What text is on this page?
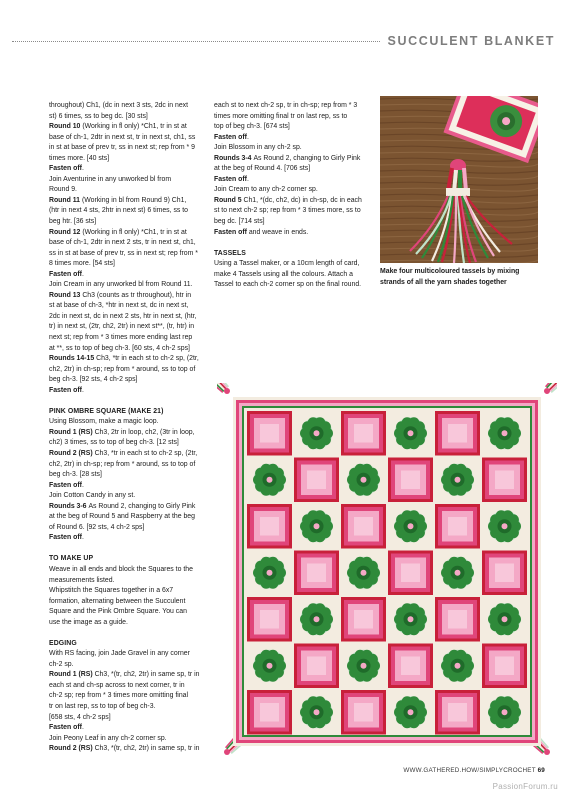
SUCCULENT BLANKET

throughout) Ch1, (dc in next 3 sts, 2dc in next

st) 6 times, ss to beg dc. [30 sts]

Round 10 (Working in fl only) *Ch1, tr in st at

base of ch-1, 2dtr in next st, tr in next st, ch1, ss

in st at base of prev tr, ss in next st; rep from * 9

times more. [40 sts]

Fasten off.

Join Aventurine in any unworked bl from

Round 9.

Round 11 (Working in bl from Round 9) Ch1,

(htr in next 4 sts, 2htr in next st) 6 times, ss to

beg htr. [36 sts]

Round 12 (Working in fl only) *Ch1, tr in st at

base of ch-1, 2dtr in next 2 sts, tr in next st, ch1,

ss in st at base of prev tr, ss in next st; rep from *

8 times more. [54 sts]

Fasten off.

Join Cream in any unworked bl from Round 11.

Round 13 Ch3 (counts as tr throughout), htr in

st at base of ch-3, *htr in next st, dc in next st,

2dc in next st, dc in next 2 sts, htr in next st, (htr,

tr) in next st, (2tr, ch2, 2tr) in next st**, (tr, htr) in

next st; rep from * 3 times more ending last rep

at **, ss to top of beg ch-3. [60 sts, 4 ch-2 sps]

Rounds 14-15 Ch3, *tr in each st to ch-2 sp, (2tr,

ch2, 2tr) in ch-sp; rep from * around, ss to top of

beg ch-3. [92 sts, 4 ch-2 sps]

Fasten off.

PINK OMBRE SQUARE (MAKE 21)

Using Blossom, make a magic loop.

Round 1 (RS) Ch3, 2tr in loop, ch2, (3tr in loop,

ch2) 3 times, ss to top of beg ch-3. [12 sts]

Round 2 (RS) Ch3, *tr in each st to ch-2 sp, (2tr,

ch2, 2tr) in ch-sp; rep from * around, ss to top of

beg ch-3. [28 sts]

Fasten off.

Join Cotton Candy in any st.

Rounds 3-6 As Round 2, changing to Girly Pink

at the beg of Round 5 and Raspberry at the beg

of Round 6. [92 sts, 4 ch-2 sps]

Fasten off.

TO MAKE UP

Weave in all ends and block the Squares to the

measurements listed.

Whipstitch the Squares together in a 6x7

formation, alternating between the Succulent

Square and the Pink Ombre Square. You can

use the image as a guide.

EDGING

With RS facing, join Jade Gravel in any corner

ch-2 sp.

Round 1 (RS) Ch3, *(tr, ch2, 2tr) in same sp, tr in

each st and ch-sp across to next corner, tr in

ch-2 sp; rep from * 3 times more omitting final

tr on last rep, ss to top of beg ch-3.

[658 sts, 4 ch-2 sps]

Fasten off.

Join Peony Leaf in any ch-2 corner sp.

Round 2 (RS) Ch3, *(tr, ch2, 2tr) in same sp, tr in

each st to next ch-2 sp, tr in ch-sp; rep from * 3

times more omitting final tr on last rep, ss to

top of beg ch-3. [674 sts]

Fasten off.

Join Blossom in any ch-2 sp.

Rounds 3-4 As Round 2, changing to Girly Pink

at the beg of Round 4. [706 sts]

Fasten off.

Join Cream to any ch-2 corner sp.

Round 5 Ch1, *(dc, ch2, dc) in ch-sp, dc in each

st to next ch-2 sp; rep from * 3 times more, ss to

beg dc. [714 sts]

Fasten off and weave in ends.

TASSELS

Using a Tassel maker, or a 10cm length of card,

make 4 Tassels using all the colours. Attach a

Tassel to each ch-2 corner sp on the final round.

Make four multicoloured tassels by mixing
strands of all the yarn shades together
WWW.GATHERED.HOW/SIMPLYCROCHET 69
PassionForum.ru
